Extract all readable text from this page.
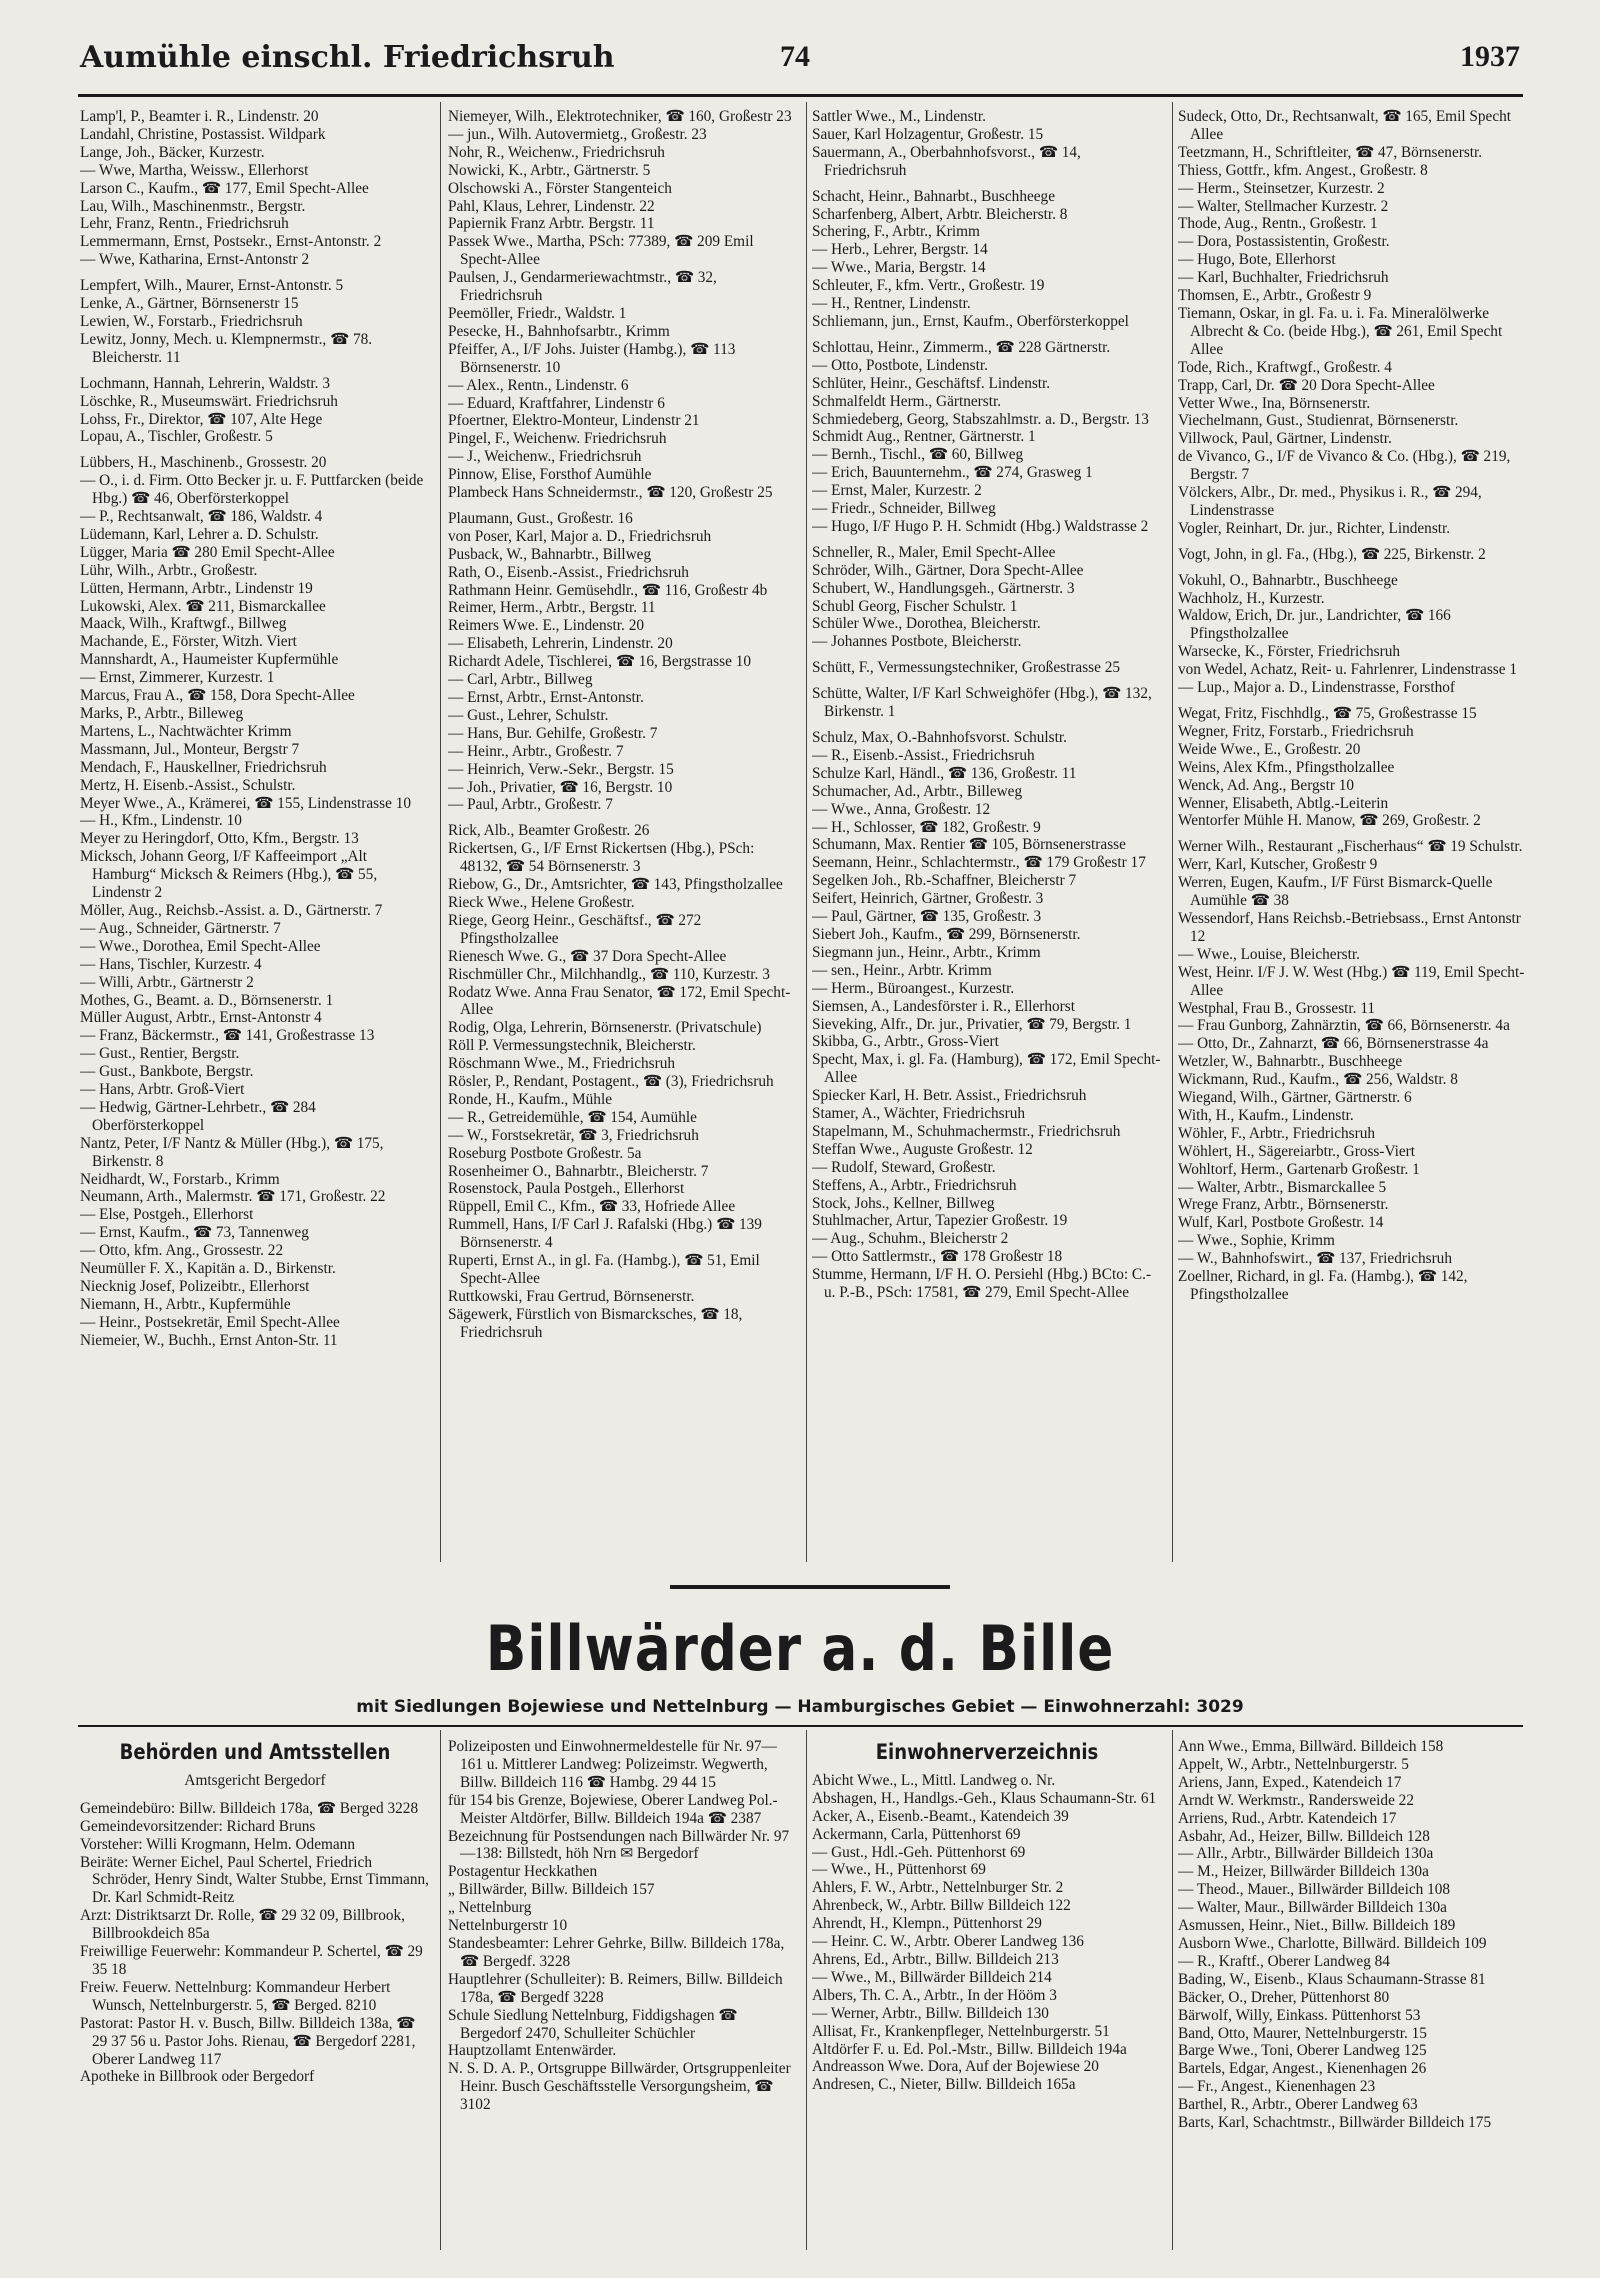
Aumühle einschl. Friedrichsruh	74	1937
Lamp'l, P., Beamter i. R., Lindenstr. 20
Landahl, Christine, Postassist. Wildpark
Lange, Joh., Bäcker, Kurzestr.
— Wwe, Martha, Weissw., Ellerhorst
Larson C., Kaufm., ☎ 177, Emil Specht-Allee
Lau, Wilh., Maschinenmstr., Bergstr.
Lehr, Franz, Rentn., Friedrichsruh
Lemmermann, Ernst, Postsekr., Ernst-Antonstr. 2
— Wwe, Katharina, Ernst-Antonstr 2
Lempfert, Wilh., Maurer, Ernst-Antonstr. 5
Lenke, A., Gärtner, Börnsenerstr 15
Lewien, W., Forstarb., Friedrichsruh
Lewitz, Jonny, Mech. u. Klempnermstr., ☎ 78. Bleicherstr. 11
Lochmann, Hannah, Lehrerin, Waldstr. 3
Löschke, R., Museumswärt. Friedrichsruh
Lohss, Fr., Direktor, ☎ 107, Alte Hege
Lopau, A., Tischler, Großestr. 5
Lübbers, H., Maschinenb., Grossestr. 20
— O., i. d. Firm. Otto Becker jr. u. F. Puttfarcken (beide Hbg.) ☎ 46, Oberförsterkoppel
— P., Rechtsanwalt, ☎ 186, Waldstr. 4
Lüdemann, Karl, Lehrer a. D. Schulstr.
Lügger, Maria ☎ 280 Emil Specht-Allee
Lühr, Wilh., Arbtr., Großestr.
Lütten, Hermann, Arbtr., Lindenstr 19
Lukowski, Alex. ☎ 211, Bismarckallee
Maack, Wilh., Kraftwgf., Billweg
Machande, E., Förster, Witzh. Viert
Mannshardt, A., Haumeister Kupfermühle
— Ernst, Zimmerer, Kurzestr. 1
Marcus, Frau A., ☎ 158, Dora Specht-Allee
Marks, P., Arbtr., Billeweg
Martens, L., Nachtwächter Krimm
Massmann, Jul., Monteur, Bergstr 7
Mendach, F., Hauskellner, Friedrichsruh
Mertz, H. Eisenb.-Assist., Schulstr.
Meyer Wwe., A., Krämerei, ☎ 155, Lindenstrasse 10
— H., Kfm., Lindenstr. 10
Meyer zu Heringdorf, Otto, Kfm., Bergstr. 13
Micksch, Johann Georg, I/F Kaffeeimport „Alt Hamburg“ Micksch & Reimers (Hbg.), ☎ 55, Lindenstr 2
Möller, Aug., Reichsb.-Assist. a. D., Gärtnerstr. 7
— Aug., Schneider, Gärtnerstr. 7
— Wwe., Dorothea, Emil Specht-Allee
— Hans, Tischler, Kurzestr. 4
— Willi, Arbtr., Gärtnerstr 2
Mothes, G., Beamt. a. D., Börnsenerstr. 1
Müller August, Arbtr., Ernst-Antonstr 4
— Franz, Bäckermstr., ☎ 141, Großestrasse 13
— Gust., Rentier, Bergstr.
— Gust., Bankbote, Bergstr.
— Hans, Arbtr. Groß-Viert
— Hedwig, Gärtner-Lehrbetr., ☎ 284 Oberförsterkoppel
Nantz, Peter, I/F Nantz & Müller (Hbg.), ☎ 175, Birkenstr. 8
Neidhardt, W., Forstarb., Krimm
Neumann, Arth., Malermstr. ☎ 171, Großestr. 22
— Else, Postgeh., Ellerhorst
— Ernst, Kaufm., ☎ 73, Tannenweg
— Otto, kfm. Ang., Grossestr. 22
Neumüller F. X., Kapitän a. D., Birkenstr.
Niecknig Josef, Polizeibtr., Ellerhorst
Niemann, H., Arbtr., Kupfermühle
— Heinr., Postsekretär, Emil Specht-Allee
Niemeier, W., Buchh., Ernst Anton-Str. 11
Niemeyer, Wilh., Elektrotechniker, ☎ 160, Großestr 23
— jun., Wilh. Autovermietg., Großestr. 23
Nohr, R., Weichenw., Friedrichsruh
Nowicki, K., Arbtr., Gärtnerstr. 5
Olschowski A., Förster Stangenteich
Pahl, Klaus, Lehrer, Lindenstr. 22
Papiernik Franz Arbtr. Bergstr. 11
Passek Wwe., Martha, PSch: 77389, ☎ 209 Emil Specht-Allee
Paulsen, J., Gendarmeriewachtmstr., ☎ 32, Friedrichsruh
Peemöller, Friedr., Waldstr. 1
Pesecke, H., Bahnhofsarbtr., Krimm
Pfeiffer, A., I/F Johs. Juister (Hambg.), ☎ 113 Börnsenerstr. 10
— Alex., Rentn., Lindenstr. 6
— Eduard, Kraftfahrer, Lindenstr 6
Pfoertner, Elektro-Monteur, Lindenstr 21
Pingel, F., Weichenw. Friedrichsruh
— J., Weichenw., Friedrichsruh
Pinnow, Elise, Forsthof Aumühle
Plambeck Hans Schneidermstr., ☎ 120, Großestr 25
Plaumann, Gust., Großestr. 16
von Poser, Karl, Major a. D., Friedrichsruh
Pusback, W., Bahnarbtr., Billweg
Rath, O., Eisenb.-Assist., Friedrichsruh
Rathmann Heinr. Gemüsehdlr., ☎ 116, Großestr 4b
Reimer, Herm., Arbtr., Bergstr. 11
Reimers Wwe. E., Lindenstr. 20
— Elisabeth, Lehrerin, Lindenstr. 20
Richardt Adele, Tischlerei, ☎ 16, Bergstrasse 10
— Carl, Arbtr., Billweg
— Ernst, Arbtr., Ernst-Antonstr.
— Gust., Lehrer, Schulstr.
— Hans, Bur. Gehilfe, Großestr. 7
— Heinr., Arbtr., Großestr. 7
— Heinrich, Verw.-Sekr., Bergstr. 15
— Joh., Privatier, ☎ 16, Bergstr. 10
— Paul, Arbtr., Großestr. 7
Rick, Alb., Beamter Großestr. 26
Rickertsen, G., I/F Ernst Rickertsen (Hbg.), PSch: 48132, ☎ 54 Börnsenerstr. 3
Riebow, G., Dr., Amtsrichter, ☎ 143, Pfingstholzallee
Rieck Wwe., Helene Großestr.
Riege, Georg Heinr., Geschäftsf., ☎ 272 Pfingstholzallee
Rienesch Wwe. G., ☎ 37 Dora Specht-Allee
Rischmüller Chr., Milchhandlg., ☎ 110, Kurzestr. 3
Rodatz Wwe. Anna Frau Senator, ☎ 172, Emil Specht-Allee
Rodig, Olga, Lehrerin, Börnsenerstr. (Privatschule)
Röll P. Vermessungstechnik, Bleicherstr.
Röschmann Wwe., M., Friedrichsruh
Rösler, P., Rendant, Postagent., ☎ (3), Friedrichsruh
Ronde, H., Kaufm., Mühle
— R., Getreidemühle, ☎ 154, Aumühle
— W., Forstsekretär, ☎ 3, Friedrichsruh
Roseburg Postbote Großestr. 5a
Rosenheimer O., Bahnarbtr., Bleicherstr. 7
Rosenstock, Paula Postgeh., Ellerhorst
Rüppell, Emil C., Kfm., ☎ 33, Hofriede Allee
Rummell, Hans, I/F Carl J. Rafalski (Hbg.) ☎ 139 Börnsenerstr. 4
Ruperti, Ernst A., in gl. Fa. (Hambg.), ☎ 51, Emil Specht-Allee
Ruttkowski, Frau Gertrud, Börnsenerstr.
Sägewerk, Fürstlich von Bismarcksches, ☎ 18, Friedrichsruh
Sattler Wwe., M., Lindenstr.
Sauer, Karl Holzagentur, Großestr. 15
Sauermann, A., Oberbahnhofsvorst., ☎ 14, Friedrichsruh
Schacht, Heinr., Bahnarbt., Buschheege
Scharfenberg, Albert, Arbtr. Bleicherstr. 8
Schering, F., Arbtr., Krimm
— Herb., Lehrer, Bergstr. 14
— Wwe., Maria, Bergstr. 14
Schleuter, F., kfm. Vertr., Großestr. 19
— H., Rentner, Lindenstr.
Schliemann, jun., Ernst, Kaufm., Oberförsterkoppel
Schlottau, Heinr., Zimmerm., ☎ 228 Gärtnerstr.
— Otto, Postbote, Lindenstr.
Schlüter, Heinr., Geschäftsf. Lindenstr.
Schmalfeldt Herm., Gärtnerstr.
Schmiedeberg, Georg, Stabszahlmstr. a. D., Bergstr. 13
Schmidt Aug., Rentner, Gärtnerstr. 1
— Bernh., Tischl., ☎ 60, Billweg
— Erich, Bauunternehm., ☎ 274, Grasweg 1
— Ernst, Maler, Kurzestr. 2
— Friedr., Schneider, Billweg
— Hugo, I/F Hugo P. H. Schmidt (Hbg.) Waldstrasse 2
Schneller, R., Maler, Emil Specht-Allee
Schröder, Wilh., Gärtner, Dora Specht-Allee
Schubert, W., Handlungsgeh., Gärtnerstr. 3
Schubl Georg, Fischer Schulstr. 1
Schüler Wwe., Dorothea, Bleicherstr.
— Johannes Postbote, Bleicherstr.
Schütt, F., Vermessungstechniker, Großestrasse 25
Schütte, Walter, I/F Karl Schweighöfer (Hbg.), ☎ 132, Birkenstr. 1
Schulz, Max, O.-Bahnhofsvorst. Schulstr.
— R., Eisenb.-Assist., Friedrichsruh
Schulze Karl, Händl., ☎ 136, Großestr. 11
Schumacher, Ad., Arbtr., Billeweg
— Wwe., Anna, Großestr. 12
— H., Schlosser, ☎ 182, Großestr. 9
Schumann, Max. Rentier ☎ 105, Börnsenerstrasse
Seemann, Heinr., Schlachtermstr., ☎ 179 Großestr 17
Segelken Joh., Rb.-Schaffner, Bleicherstr 7
Seifert, Heinrich, Gärtner, Großestr. 3
— Paul, Gärtner, ☎ 135, Großestr. 3
Siebert Joh., Kaufm., ☎ 299, Börnsenerstr.
Siegmann jun., Heinr., Arbtr., Krimm
— sen., Heinr., Arbtr. Krimm
— Herm., Büroangest., Kurzestr.
Siemsen, A., Landesförster i. R., Ellerhorst
Sieveking, Alfr., Dr. jur., Privatier, ☎ 79, Bergstr. 1
Skibba, G., Arbtr., Gross-Viert
Specht, Max, i. gl. Fa. (Hamburg), ☎ 172, Emil Specht-Allee
Spiecker Karl, H. Betr. Assist., Friedrichsruh
Stamer, A., Wächter, Friedrichsruh
Stapelmann, M., Schuhmachermstr., Friedrichsruh
Steffan Wwe., Auguste Großestr. 12
— Rudolf, Steward, Großestr.
Steffens, A., Arbtr., Friedrichsruh
Stock, Johs., Kellner, Billweg
Stuhlmacher, Artur, Tapezier Großestr. 19
— Aug., Schuhm., Bleicherstr 2
— Otto Sattlermstr., ☎ 178 Großestr 18
Stumme, Hermann, I/F H. O. Persiehl (Hbg.) BCto: C.-u. P.-B., PSch: 17581, ☎ 279, Emil Specht-Allee
Sudeck, Otto, Dr., Rechtsanwalt, ☎ 165, Emil Specht Allee
Teetzmann, H., Schriftleiter, ☎ 47, Börnsenerstr.
Thiess, Gottfr., kfm. Angest., Großestr. 8
— Herm., Steinsetzer, Kurzestr. 2
— Walter, Stellmacher Kurzestr. 2
Thode, Aug., Rentn., Großestr. 1
— Dora, Postassistentin, Großestr.
— Hugo, Bote, Ellerhorst
— Karl, Buchhalter, Friedrichsruh
Thomsen, E., Arbtr., Großestr 9
Tiemann, Oskar, in gl. Fa. u. i. Fa. Mineralölwerke Albrecht & Co. (beide Hbg.), ☎ 261, Emil Specht Allee
Tode, Rich., Kraftwgf., Großestr. 4
Trapp, Carl, Dr. ☎ 20 Dora Specht-Allee
Vetter Wwe., Ina, Börnsenerstr.
Viechelmann, Gust., Studienrat, Börnsenerstr.
Villwock, Paul, Gärtner, Lindenstr.
de Vivanco, G., I/F de Vivanco & Co. (Hbg.), ☎ 219, Bergstr. 7
Völckers, Albr., Dr. med., Physikus i. R., ☎ 294, Lindenstrasse
Vogler, Reinhart, Dr. jur., Richter, Lindenstr.
Vogt, John, in gl. Fa., (Hbg.), ☎ 225, Birkenstr. 2
Vokuhl, O., Bahnarbtr., Buschheege
Wachholz, H., Kurzestr.
Waldow, Erich, Dr. jur., Landrichter, ☎ 166 Pfingstholzallee
Warsecke, K., Förster, Friedrichsruh
von Wedel, Achatz, Reit- u. Fahrlenrer, Lindenstrasse 1
— Lup., Major a. D., Lindenstrasse, Forsthof
Wegat, Fritz, Fischhdlg., ☎ 75, Großestrasse 15
Wegner, Fritz, Forstarb., Friedrichsruh
Weide Wwe., E., Großestr. 20
Weins, Alex Kfm., Pfingstholzallee
Wenck, Ad. Ang., Bergstr 10
Wenner, Elisabeth, Abtlg.-Leiterin
Wentorfer Mühle H. Manow, ☎ 269, Großestr. 2
Werner Wilh., Restaurant „Fischerhaus“ ☎ 19 Schulstr.
Werr, Karl, Kutscher, Großestr 9
Werren, Eugen, Kaufm., I/F Fürst Bismarck-Quelle Aumühle ☎ 38
Wessendorf, Hans Reichsb.-Betriebsass., Ernst Antonstr 12
— Wwe., Louise, Bleicherstr.
West, Heinr. I/F J. W. West (Hbg.) ☎ 119, Emil Specht-Allee
Westphal, Frau B., Grossestr. 11
— Frau Gunborg, Zahnärztin, ☎ 66, Börnsenerstr. 4a
— Otto, Dr., Zahnarzt, ☎ 66, Börnsenerstrasse 4a
Wetzler, W., Bahnarbtr., Buschheege
Wickmann, Rud., Kaufm., ☎ 256, Waldstr. 8
Wiegand, Wilh., Gärtner, Gärtnerstr. 6
With, H., Kaufm., Lindenstr.
Wöhler, F., Arbtr., Friedrichsruh
Wöhlert, H., Sägereiarbtr., Gross-Viert
Wohltorf, Herm., Gartenarb Großestr. 1
— Walter, Arbtr., Bismarckallee 5
Wrege Franz, Arbtr., Börnsenerstr.
Wulf, Karl, Postbote Großestr. 14
— Wwe., Sophie, Krimm
— W., Bahnhofswirt., ☎ 137, Friedrichsruh
Zoellner, Richard, in gl. Fa. (Hambg.), ☎ 142, Pfingstholzallee
Billwärder a. d. Bille
mit Siedlungen Bojewiese und Nettelnburg — Hamburgisches Gebiet — Einwohnerzahl: 3029
Behörden und Amtsstellen
Amtsgericht Bergedorf
Gemeindebüro: Billw. Billdeich 178a, ☎ Berged 3228
Gemeindevorsitzender: Richard Bruns
Vorsteher: Willi Krogmann, Helm. Odemann
Beiräte: Werner Eichel, Paul Schertel, Friedrich Schröder, Henry Sindt, Walter Stubbe, Ernst Timmann, Dr. Karl Schmidt-Reitz
Arzt: Distriktsarzt Dr. Rolle, ☎ 29 32 09, Billbrook, Billbrookdeich 85a
Freiwillige Feuerwehr: Kommandeur P. Schertel, ☎ 29 35 18
Freiw. Feuerw. Nettelnburg: Kommandeur Herbert Wunsch, Nettelnburgerstr. 5, ☎ Berged. 8210
Pastorat: Pastor H. v. Busch, Billw. Billdeich 138a, ☎ 29 37 56 u. Pastor Johs. Rienau, ☎ Bergedorf 2281, Oberer Landweg 117
Apotheke in Billbrook oder Bergedorf
Polizeiposten und Einwohnermeldestelle für Nr. 97—161 u. Mittlerer Landweg: Polizeimstr. Wegwerth, Billw. Billdeich 116 ☎ Hambg. 29 44 15
für 154 bis Grenze, Bojewiese, Oberer Landweg Pol.-Meister Altdörfer, Billw. Billdeich 194a ☎ 2387
Bezeichnung für Postsendungen nach Billwärder Nr. 97—138: Billstedt, höh Nrn ✉ Bergedorf
Postagentur Heckkathen
„ Billwärder, Billw. Billdeich 157
„ Nettelnburg
Nettelnburgerstr 10
Standesbeamter: Lehrer Gehrke, Billw. Billdeich 178a, ☎ Bergedf. 3228
Hauptlehrer (Schulleiter): B. Reimers, Billw. Billdeich 178a, ☎ Bergedf 3228
Schule Siedlung Nettelnburg, Fiddigshagen ☎ Bergedorf 2470, Schulleiter Schüchler
Hauptzollamt Entenwärder.
N. S. D. A. P., Ortsgruppe Billwärder, Ortsgruppenleiter Heinr. Busch Geschäftsstelle Versorgungsheim, ☎ 3102
Einwohnerverzeichnis
Abicht Wwe., L., Mittl. Landweg o. Nr.
Abshagen, H., Handlgs.-Geh., Klaus Schaumann-Str. 61
Acker, A., Eisenb.-Beamt., Katendeich 39
Ackermann, Carla, Püttenhorst 69
— Gust., Hdl.-Geh. Püttenhorst 69
— Wwe., H., Püttenhorst 69
Ahlers, F. W., Arbtr., Nettelnburger Str. 2
Ahrenbeck, W., Arbtr. Billw Billdeich 122
Ahrendt, H., Klempn., Püttenhorst 29
— Heinr. C. W., Arbtr. Oberer Landweg 136
Ahrens, Ed., Arbtr., Billw. Billdeich 213
— Wwe., M., Billwärder Billdeich 214
Albers, Th. C. A., Arbtr., In der Hööm 3
— Werner, Arbtr., Billw. Billdeich 130
Allisat, Fr., Krankenpfleger, Nettelnburgerstr. 51
Altdörfer F. u. Ed. Pol.-Mstr., Billw. Billdeich 194a
Andreasson Wwe. Dora, Auf der Bojewiese 20
Andresen, C., Nieter, Billw. Billdeich 165a
Ann Wwe., Emma, Billwärd. Billdeich 158
Appelt, W., Arbtr., Nettelnburgerstr. 5
Ariens, Jann, Exped., Katendeich 17
Arndt W. Werkmstr., Randersweide 22
Arriens, Rud., Arbtr. Katendeich 17
Asbahr, Ad., Heizer, Billw. Billdeich 128
— Allr., Arbtr., Billwärder Billdeich 130a
— M., Heizer, Billwärder Billdeich 130a
— Theod., Mauer., Billwärder Billdeich 108
— Walter, Maur., Billwärder Billdeich 130a
Asmussen, Heinr., Niet., Billw. Billdeich 189
Ausborn Wwe., Charlotte, Billwärd. Billdeich 109
— R., Kraftf., Oberer Landweg 84
Bading, W., Eisenb., Klaus Schaumann-Strasse 81
Bäcker, O., Dreher, Püttenhorst 80
Bärwolf, Willy, Einkass. Püttenhorst 53
Band, Otto, Maurer, Nettelnburgerstr. 15
Barge Wwe., Toni, Oberer Landweg 125
Bartels, Edgar, Angest., Kienenhagen 26
— Fr., Angest., Kienenhagen 23
Barthel, R., Arbtr., Oberer Landweg 63
Barts, Karl, Schachtmstr., Billwärder Billdeich 175
